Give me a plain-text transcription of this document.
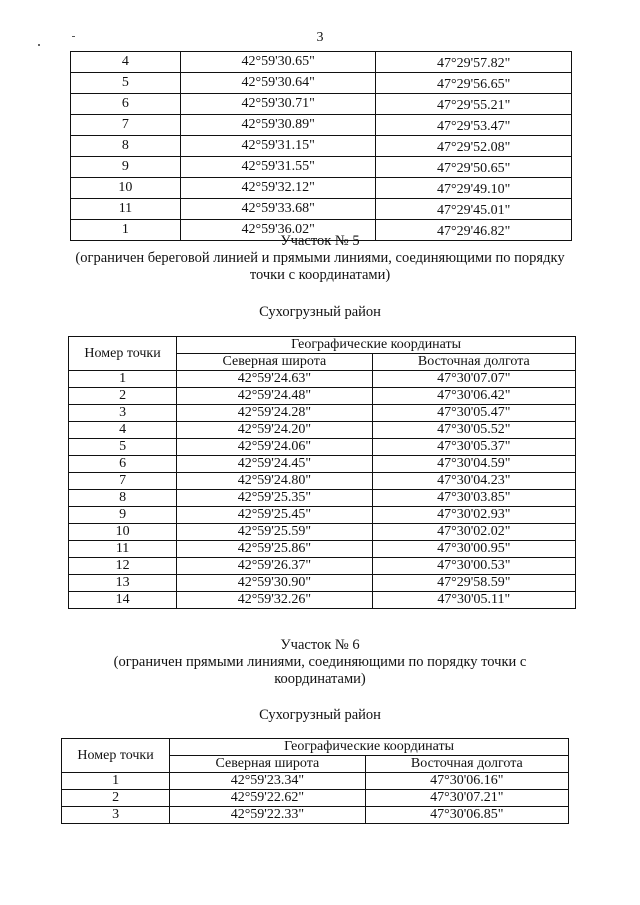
3
4	42°59'30.65"	47°29'57.82"
5	42°59'30.64"	47°29'56.65"
6	42°59'30.71"	47°29'55.21"
7	42°59'30.89"	47°29'53.47"
8	42°59'31.15"	47°29'52.08"
9	42°59'31.55"	47°29'50.65"
10	42°59'32.12"	47°29'49.10"
11	42°59'33.68"	47°29'45.01"
1	42°59'36.02"	47°29'46.82"
Участок № 5
(ограничен береговой линией и прямыми линиями, соединяющими по порядку
точки с координатами)
Сухогрузный район
Номер точки	Географические координаты	
	Северная широта	Восточная долгота
1	42°59'24.63"	47°30'07.07"
2	42°59'24.48"	47°30'06.42"
3	42°59'24.28"	47°30'05.47"
4	42°59'24.20"	47°30'05.52"
5	42°59'24.06"	47°30'05.37"
6	42°59'24.45"	47°30'04.59"
7	42°59'24.80"	47°30'04.23"
8	42°59'25.35"	47°30'03.85"
9	42°59'25.45"	47°30'02.93"
10	42°59'25.59"	47°30'02.02"
11	42°59'25.86"	47°30'00.95"
12	42°59'26.37"	47°30'00.53"
13	42°59'30.90"	47°29'58.59"
14	42°59'32.26"	47°30'05.11"
Участок № 6
(ограничен прямыми линиями, соединяющими по порядку точки с
координатами)
Сухогрузный район
Номер точки	Географические координаты	
	Северная широта	Восточная долгота
1	42°59'23.34"	47°30'06.16"
2	42°59'22.62"	47°30'07.21"
3	42°59'22.33"	47°30'06.85"
